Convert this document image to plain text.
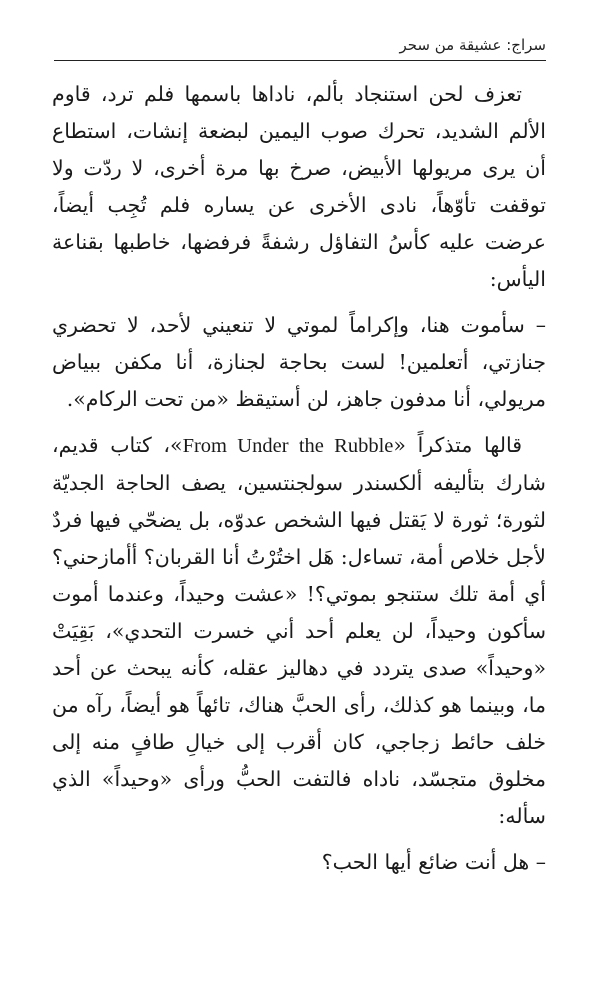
سراج: عشيقة من سحر

تعزف لحن استنجاد بألم، ناداها باسمها فلم ترد، قاوم الألم الشديد، تحرك صوب اليمين لبضعة إنشات، استطاع أن يرى مريولها الأبيض، صرخ بها مرة أخرى، لا ردّت ولا توقفت تأوّهاً، نادى الأخرى عن يساره فلم تُجِب أيضاً، عرضت عليه كأسُ التفاؤل رشفةً فرفضها، خاطبها بقناعة اليأس:

– سأموت هنا، وإكراماً لموتي لا تنعيني لأحد، لا تحضري جنازتي، أتعلمين! لست بحاجة لجنازة، أنا مكفن ببياض مريولي، أنا مدفون جاهز، لن أستيقظ «من تحت الركام».

قالها متذكراً «From Under the Rubble»، كتاب قديم، شارك بتأليفه ألكسندر سولجنتسين، يصف الحاجة الجديّة لثورة؛ ثورة لا يَقتل فيها الشخص عدوّه، بل يضحّي فيها فردٌ لأجل خلاص أمة، تساءل: هَل اختُرْتُ أنا القربان؟ أأمازحني؟ أي أمة تلك ستنجو بموتي؟! «عشت وحيداً، وعندما أموت سأكون وحيداً، لن يعلم أحد أني خسرت التحدي»، بَقِيَتْ «وحيداً» صدى يتردد في دهاليز عقله، كأنه يبحث عن أحد ما، وبينما هو كذلك، رأى الحبَّ هناك، تائهاً هو أيضاً، رآه من خلف حائط زجاجي، كان أقرب إلى خيالِ طافٍ منه إلى مخلوق متجسّد، ناداه فالتفت الحبُّ ورأى «وحيداً» الذي سأله:

– هل أنت ضائع أيها الحب؟
